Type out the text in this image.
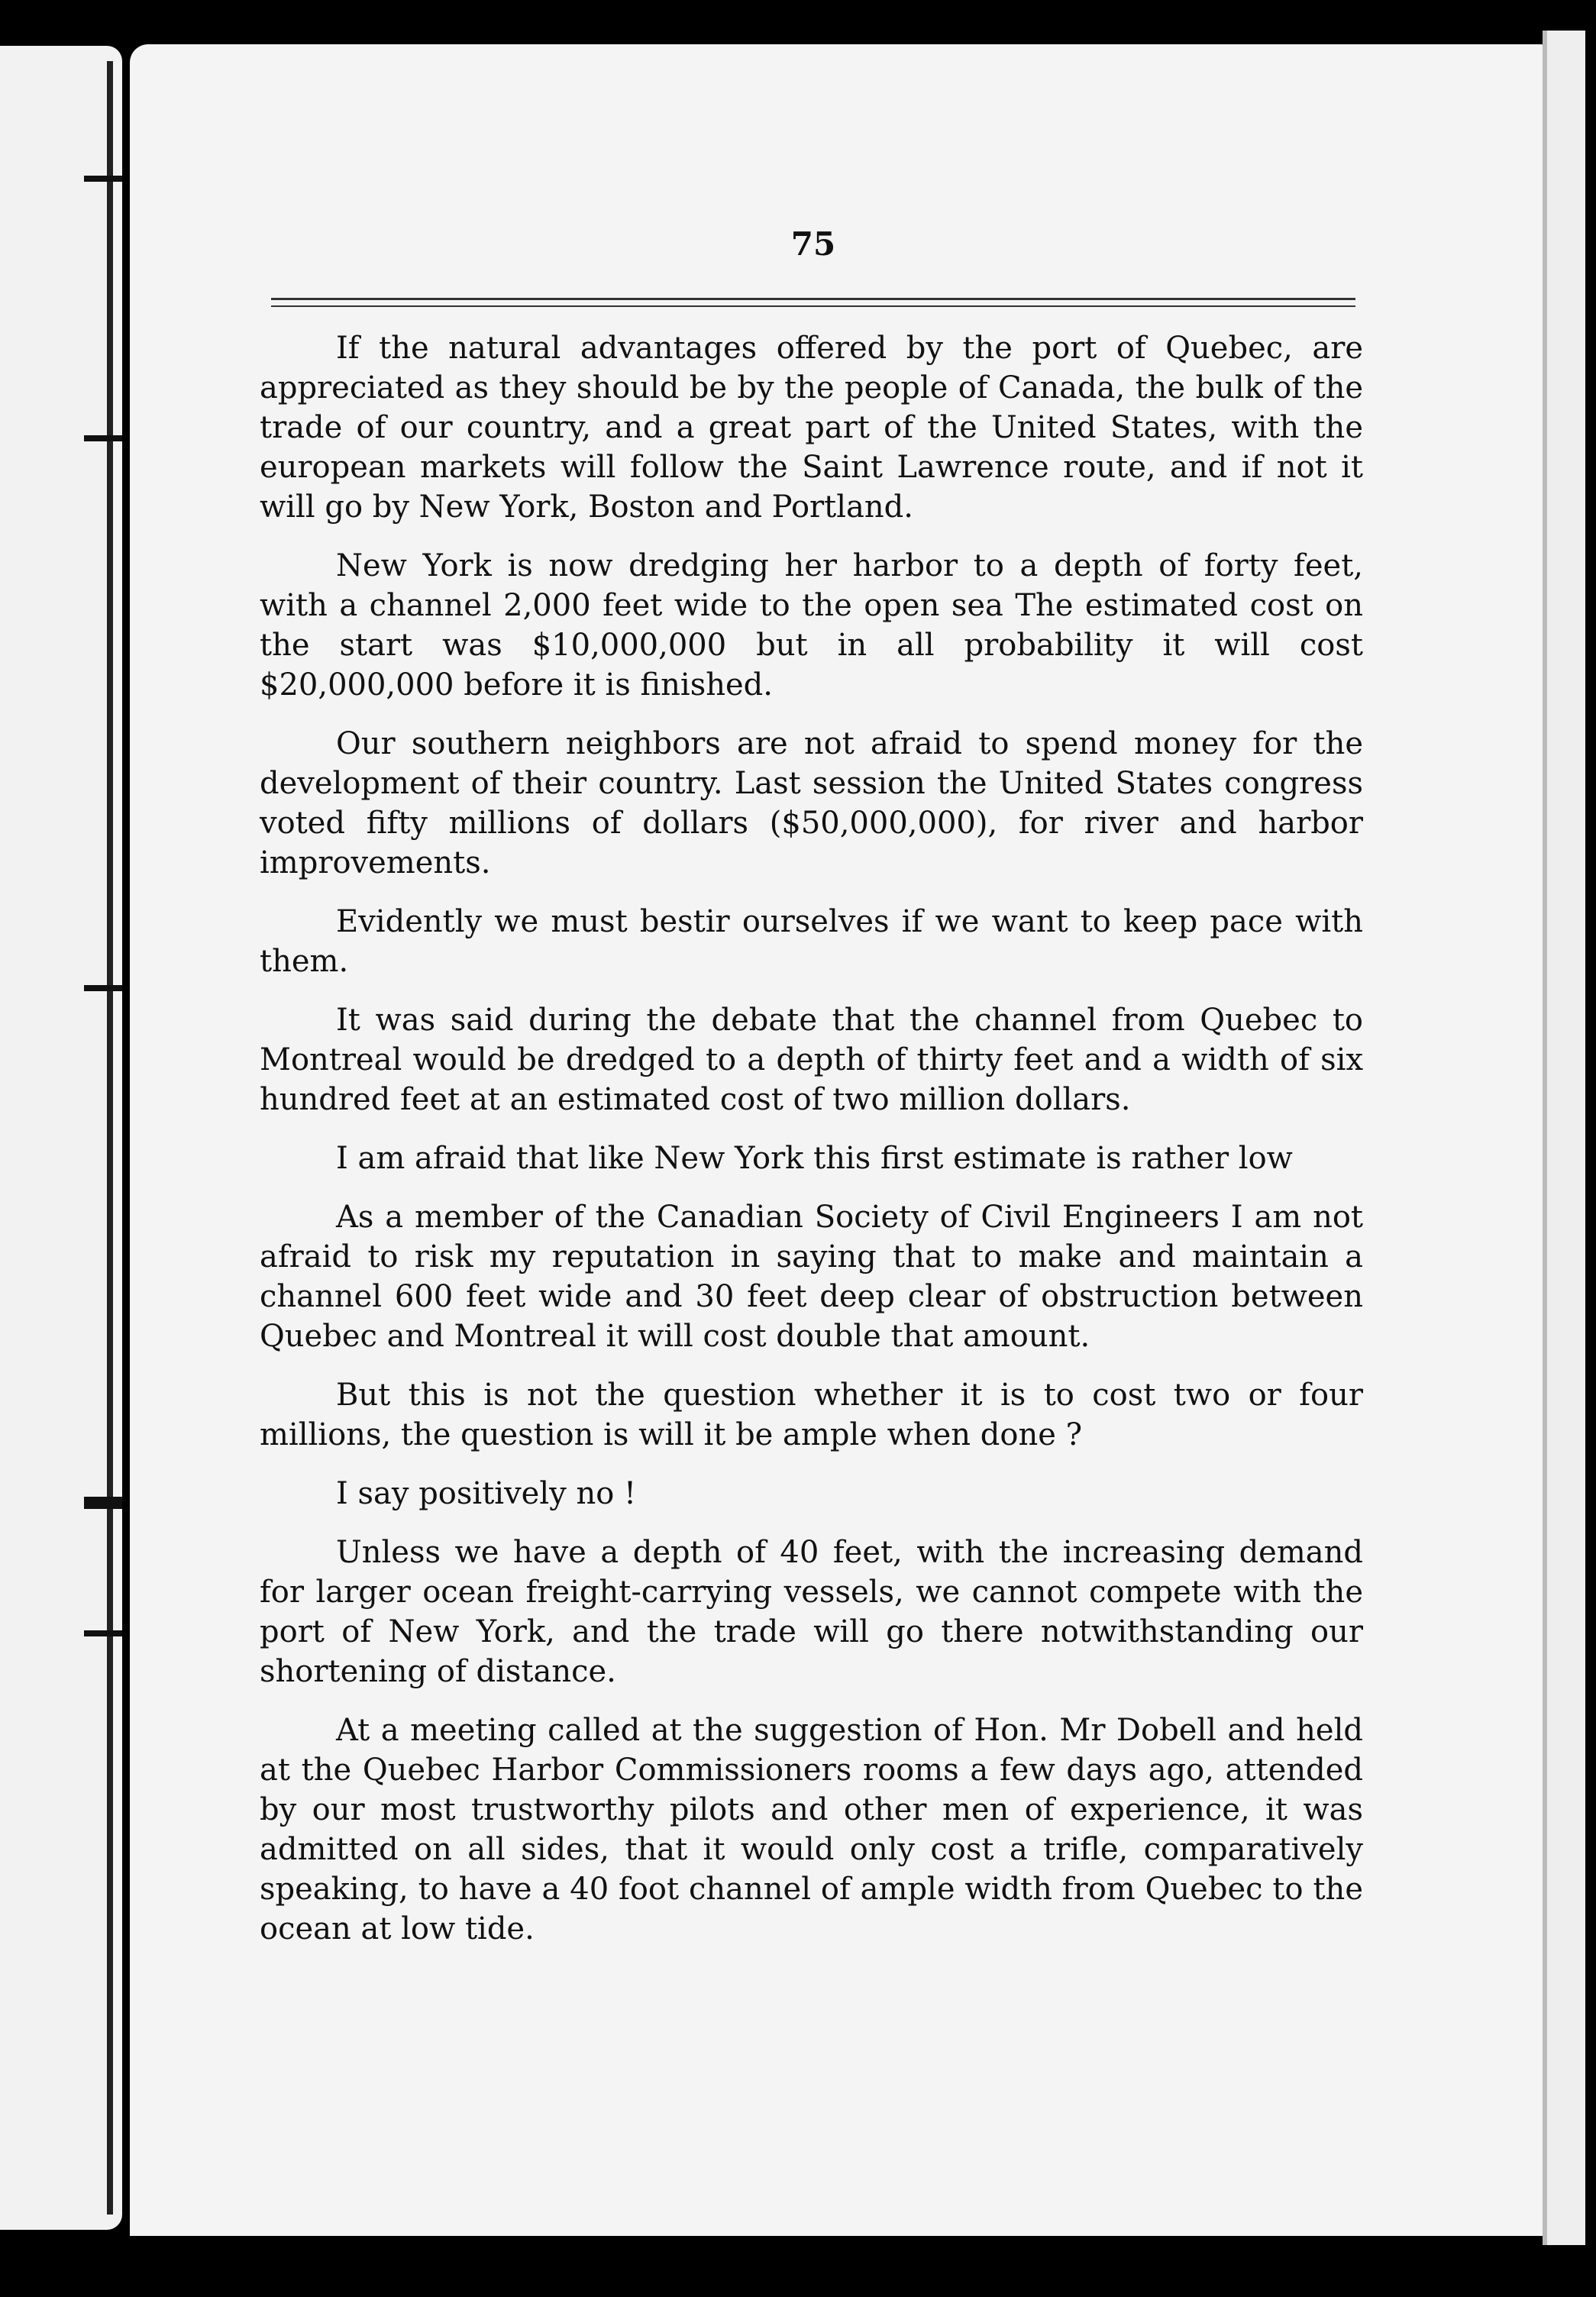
75

If the natural advantages offered by the port of Quebec, are appreciated as they should be by the people of Canada, the bulk of the trade of our country, and a great part of the United States, with the european markets will follow the Saint Lawrence route, and if not it will go by New York, Boston and Portland.

New York is now dredging her harbor to a depth of forty feet, with a channel 2,000 feet wide to the open sea The estimated cost on the start was $10,000,000 but in all probability it will cost $20,000,000 before it is finished.

Our southern neighbors are not afraid to spend money for the development of their country. Last session the United States congress voted fifty millions of dollars ($50,000,000), for river and harbor improvements.

Evidently we must bestir ourselves if we want to keep pace with them.

It was said during the debate that the channel from Quebec to Montreal would be dredged to a depth of thirty feet and a width of six hundred feet at an estimated cost of two million dollars.

I am afraid that like New York this first estimate is rather low

As a member of the Canadian Society of Civil Engineers I am not afraid to risk my reputation in saying that to make and maintain a channel 600 feet wide and 30 feet deep clear of obstruction between Quebec and Montreal it will cost double that amount.

But this is not the question whether it is to cost two or four millions, the question is will it be ample when done ?

I say positively no !

Unless we have a depth of 40 feet, with the increasing demand for larger ocean freight-carrying vessels, we cannot compete with the port of New York, and the trade will go there notwithstanding our shortening of distance.

At a meeting called at the suggestion of Hon. Mr Dobell and held at the Quebec Harbor Commissioners rooms a few days ago, attended by our most trustworthy pilots and other men of experience, it was admitted on all sides, that it would only cost a trifle, comparatively speaking, to have a 40 foot channel of ample width from Quebec to the ocean at low tide.
